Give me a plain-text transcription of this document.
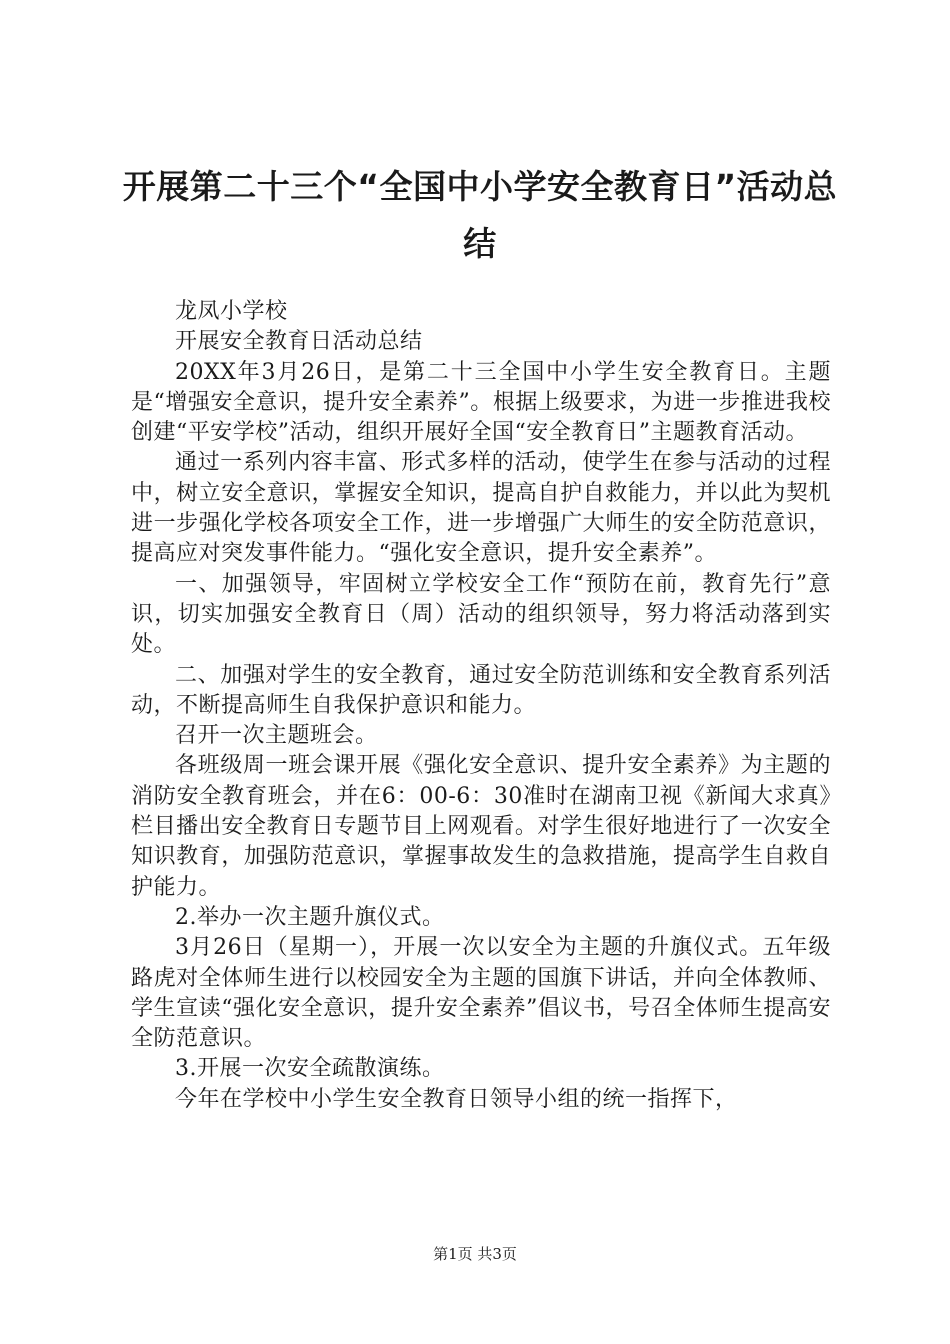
开展第二十三个“全国中小学安全教育日”活动总结

龙凤小学校

开展安全教育日活动总结

20XX年3月26日，是第二十三全国中小学生安全教育日。主题是“增强安全意识，提升安全素养”。根据上级要求，为进一步推进我校创建“平安学校”活动，组织开展好全国“安全教育日”主题教育活动。

通过一系列内容丰富、形式多样的活动，使学生在参与活动的过程中，树立安全意识，掌握安全知识，提高自护自救能力，并以此为契机进一步强化学校各项安全工作，进一步增强广大师生的安全防范意识，提高应对突发事件能力。“强化安全意识，提升安全素养”。

一、加强领导，牢固树立学校安全工作“预防在前，教育先行”意识，切实加强安全教育日（周）活动的组织领导，努力将活动落到实处。

二、加强对学生的安全教育，通过安全防范训练和安全教育系列活动，不断提高师生自我保护意识和能力。

召开一次主题班会。

各班级周一班会课开展《强化安全意识、提升安全素养》为主题的消防安全教育班会，并在6：00-6：30准时在湖南卫视《新闻大求真》栏目播出安全教育日专题节目上网观看。对学生很好地进行了一次安全知识教育，加强防范意识，掌握事故发生的急救措施，提高学生自救自护能力。

2.举办一次主题升旗仪式。

3月26日（星期一），开展一次以安全为主题的升旗仪式。五年级路虎对全体师生进行以校园安全为主题的国旗下讲话，并向全体教师、学生宣读“强化安全意识，提升安全素养”倡议书，号召全体师生提高安全防范意识。

3.开展一次安全疏散演练。

今年在学校中小学生安全教育日领导小组的统一指挥下，

第1页 共3页
